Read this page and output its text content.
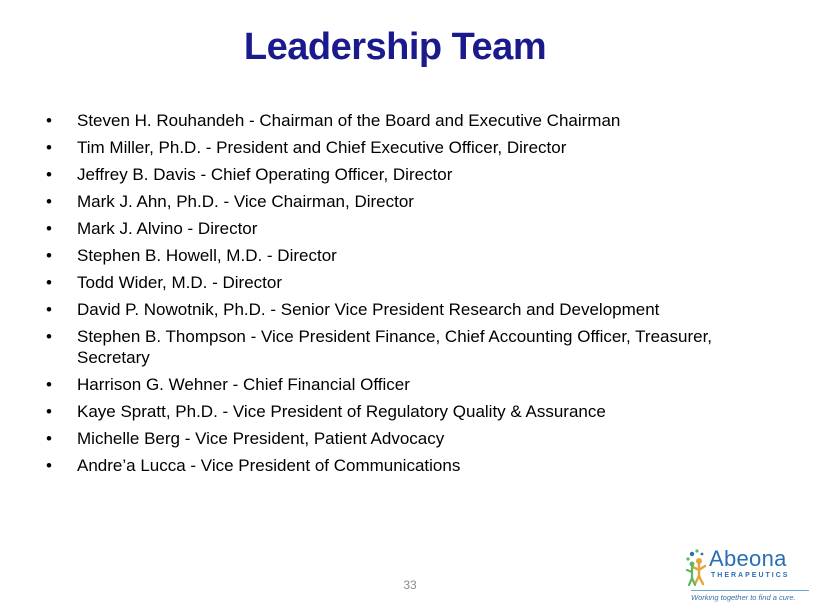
Leadership Team
• Steven H. Rouhandeh - Chairman of the Board and Executive Chairman
• Tim Miller, Ph.D. - President and Chief Executive Officer, Director
• Jeffrey B. Davis - Chief Operating Officer, Director
• Mark J. Ahn, Ph.D. - Vice Chairman, Director
• Mark J. Alvino - Director
• Stephen B. Howell, M.D. - Director
• Todd Wider, M.D. - Director
• David P. Nowotnik, Ph.D. - Senior Vice President Research and Development
• Stephen B. Thompson - Vice President Finance, Chief Accounting Officer, Treasurer, Secretary
• Harrison G. Wehner - Chief Financial Officer
• Kaye Spratt, Ph.D. - Vice President of Regulatory Quality & Assurance
• Michelle Berg - Vice President, Patient Advocacy
• Andre’a Lucca - Vice President of Communications
33
Abeona
THERAPEUTICS
Working together to find a cure.
